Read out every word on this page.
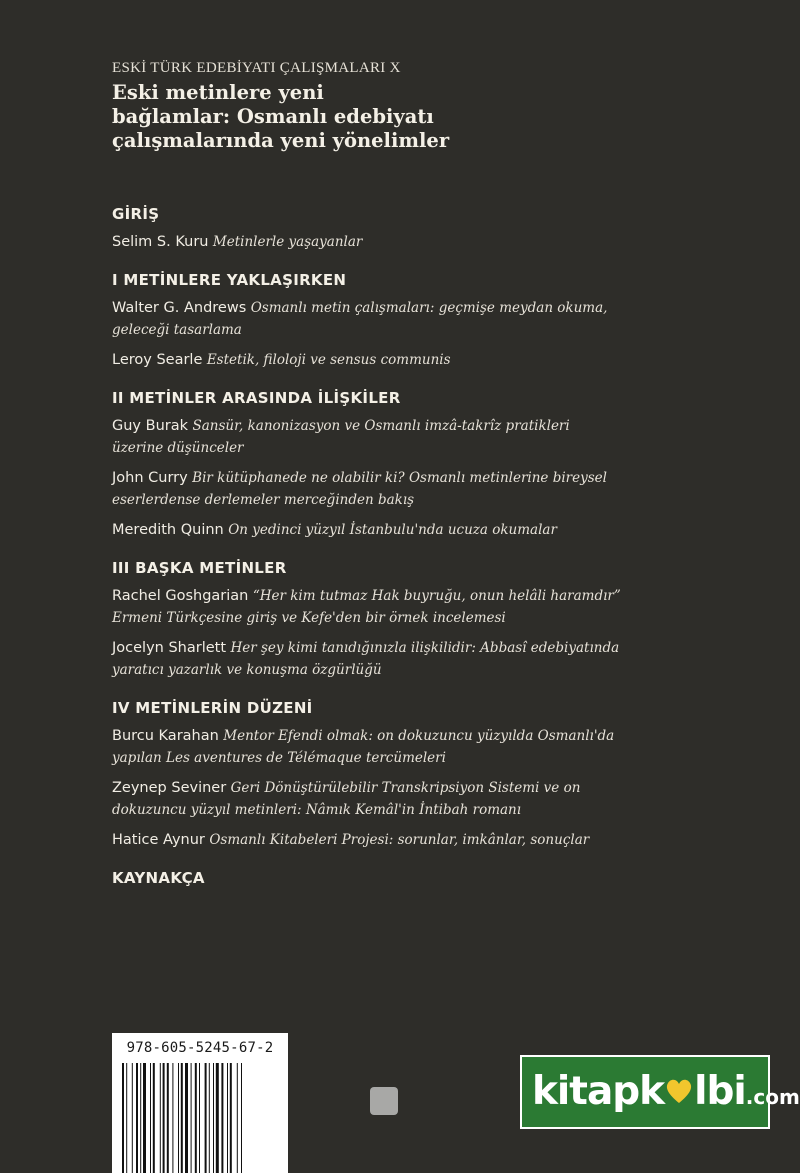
ESKİ TÜRK EDEBİYATI ÇALIŞMALARI X
Eski metinlere yeni
bağlamlar: Osmanlı edebiyatı
çalışmalarında yeni yönelimler
GİRİŞ
Selim S. Kuru Metinlerle yaşayanlar
I METİNLERE YAKLAŞIRKEN
Walter G. Andrews Osmanlı metin çalışmaları: geçmişe meydan okuma,
geleceği tasarlama
Leroy Searle Estetik, filoloji ve sensus communis
II METİNLER ARASINDA İLİŞKİLER
Guy Burak Sansür, kanonizasyon ve Osmanlı imzâ-takrîz pratikleri
üzerine düşünceler
John Curry Bir kütüphanede ne olabilir ki? Osmanlı metinlerine bireysel
eserlerdense derlemeler merceğinden bakış
Meredith Quinn On yedinci yüzyıl İstanbulu'nda ucuza okumalar
III BAŞKA METİNLER
Rachel Goshgarian “Her kim tutmaz Hak buyruğu, onun helâli haramdır”
Ermeni Türkçesine giriş ve Kefe'den bir örnek incelemesi
Jocelyn Sharlett Her şey kimi tanıdığınızla ilişkilidir: Abbasî edebiyatında
yaratıcı yazarlık ve konuşma özgürlüğü
IV METİNLERİN DÜZENİ
Burcu Karahan Mentor Efendi olmak: on dokuzuncu yüzyılda Osmanlı'da
yapılan Les aventures de Télémaque tercümeleri
Zeynep Seviner Geri Dönüştürülebilir Transkripsiyon Sistemi ve on
dokuzuncu yüzyıl metinleri: Nâmık Kemâl'in İntibah romanı
Hatice Aynur Osmanlı Kitabeleri Projesi: sorunlar, imkânlar, sonuçlar
KAYNAKÇA
978-605-5245-67-2
kitapk lbi.com
